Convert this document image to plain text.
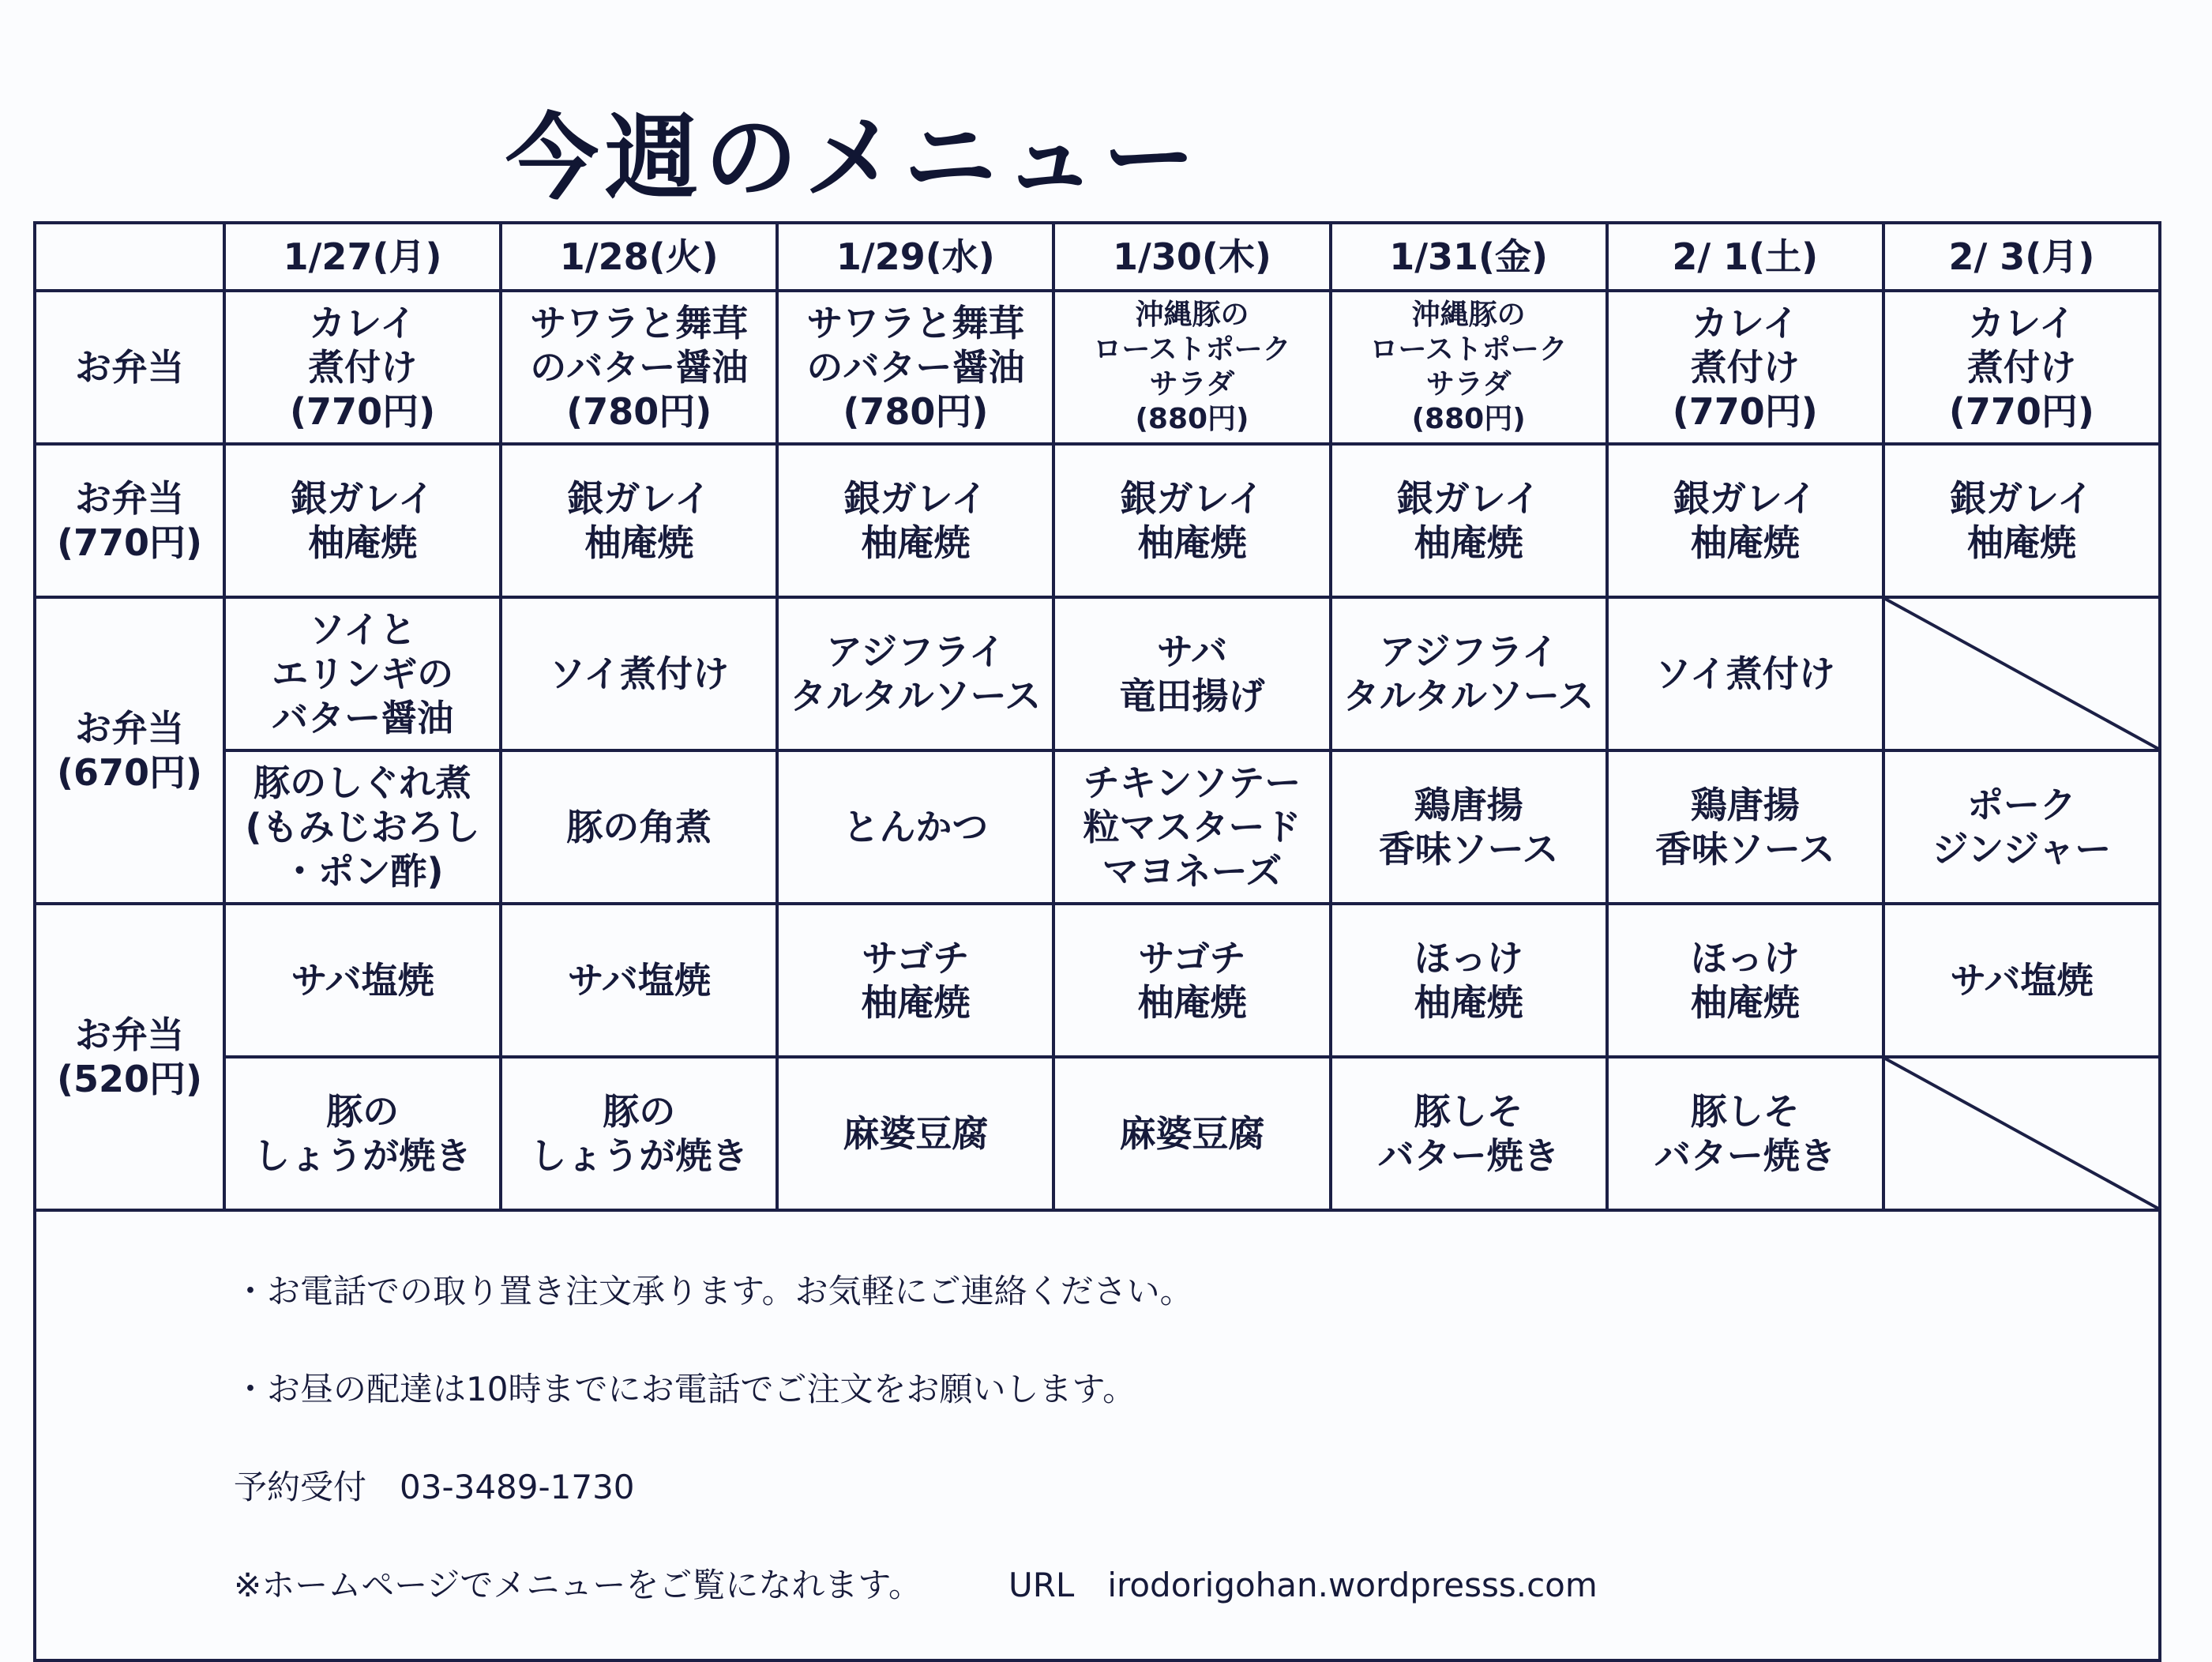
今週のメニュー
	1/27(月)	1/28(火)	1/29(水)	1/30(木)	1/31(金)	2/ 1(土)	2/ 3(月)
お弁当	カレイ
煮付け
(770円)	サワラと舞茸
のバター醤油
(780円)	サワラと舞茸
のバター醤油
(780円)	沖縄豚の
ローストポーク
サラダ
(880円)	沖縄豚の
ローストポーク
サラダ
(880円)	カレイ
煮付け
(770円)	カレイ
煮付け
(770円)
お弁当
(770円)	銀ガレイ
柚庵焼	銀ガレイ
柚庵焼	銀ガレイ
柚庵焼	銀ガレイ
柚庵焼	銀ガレイ
柚庵焼	銀ガレイ
柚庵焼	銀ガレイ
柚庵焼
お弁当
(670円)	ソイと
エリンギの
バター醤油	ソイ煮付け	アジフライ
タルタルソース	サバ
竜田揚げ	アジフライ
タルタルソース	ソイ煮付け	

	豚のしぐれ煮
(もみじおろし
・ポン酢)	豚の角煮	とんかつ	チキンソテー
粒マスタード
マヨネーズ	鶏唐揚
香味ソース	鶏唐揚
香味ソース	ポーク
ジンジャー
お弁当
(520円)	サバ塩焼	サバ塩焼	サゴチ
柚庵焼	サゴチ
柚庵焼	ほっけ
柚庵焼	ほっけ
柚庵焼	サバ塩焼
	豚の
しょうが焼き	豚の
しょうが焼き	麻婆豆腐	麻婆豆腐	豚しそ
バター焼き	豚しそ
バター焼き	

・お電話での取り置き注文承ります。お気軽にご連絡ください。

・お昼の配達は10時までにお電話でご注文をお願いします。

予約受付　03-3489-1730

※ホームページでメニューをご覧になれます。 URL　irodorigohan.wordpresss.com							
